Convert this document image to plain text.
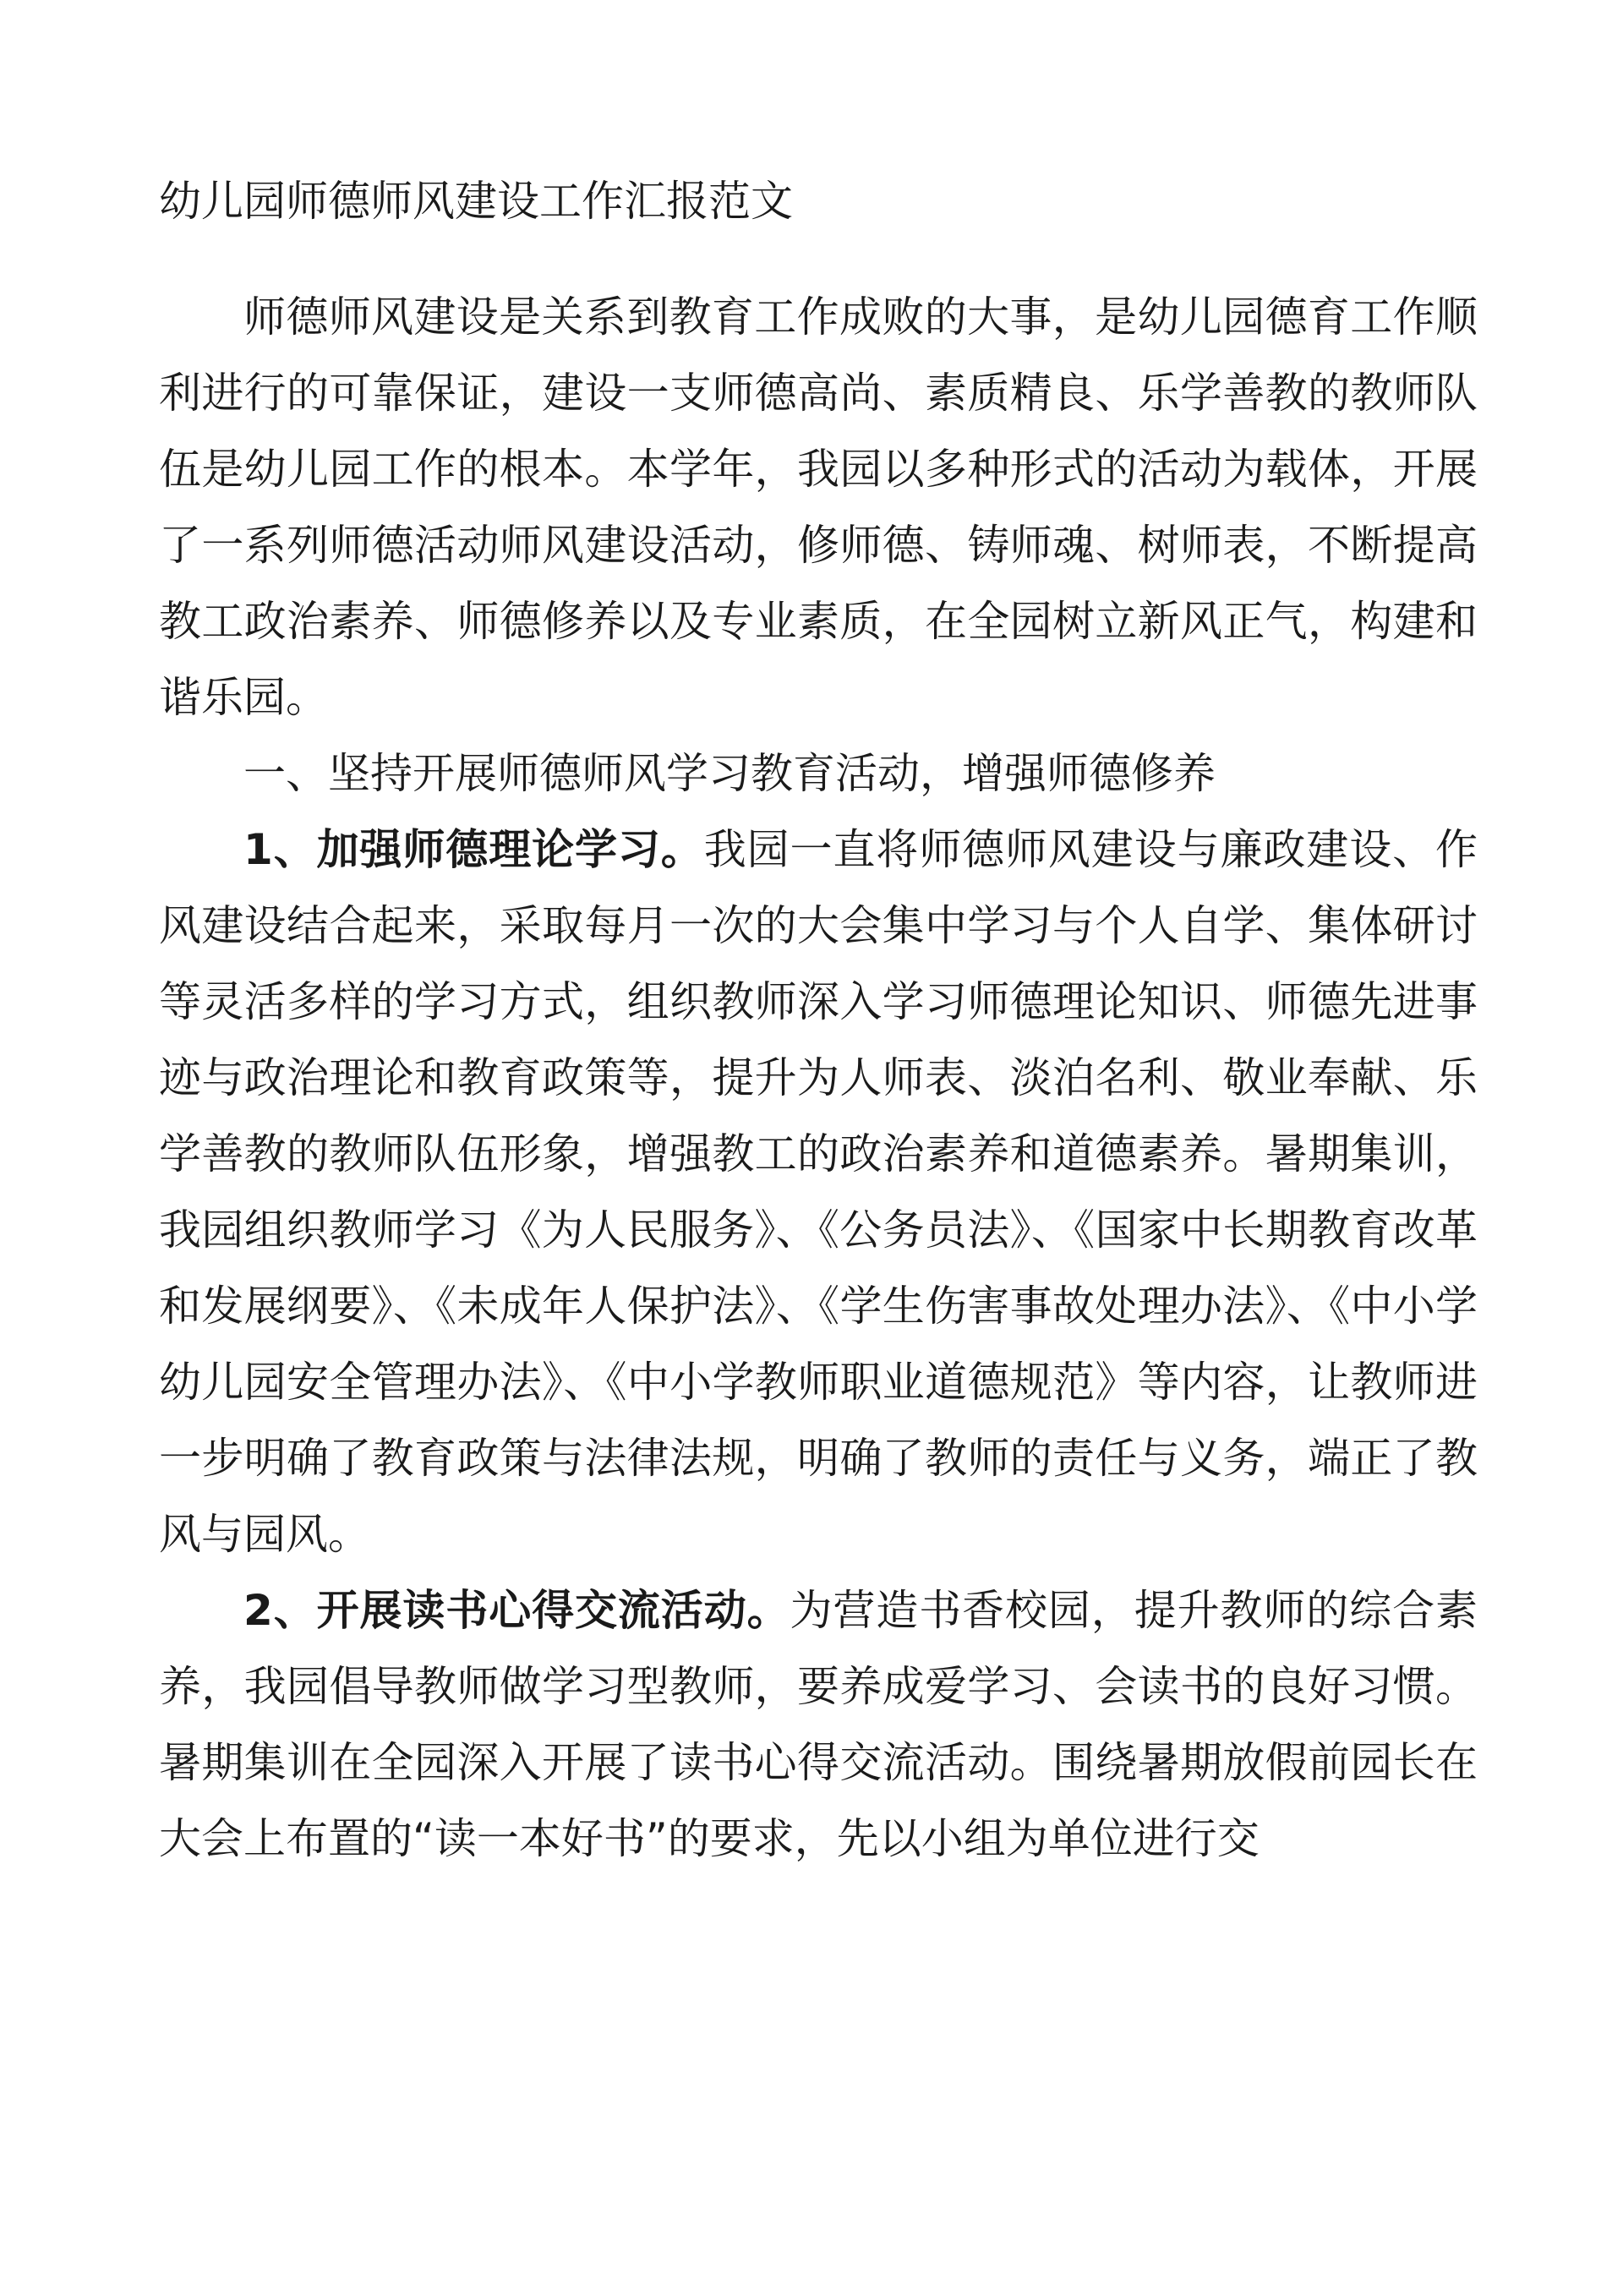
幼儿园师德师风建设工作汇报范文

师德师风建设是关系到教育工作成败的大事，是幼儿园德育工作顺利进行的可靠保证，建设一支师德高尚、素质精良、乐学善教的教师队伍是幼儿园工作的根本。本学年，我园以多种形式的活动为载体，开展了一系列师德活动师风建设活动，修师德、铸师魂、树师表，不断提高教工政治素养、师德修养以及专业素质，在全园树立新风正气，构建和谐乐园。

一、坚持开展师德师风学习教育活动，增强师德修养

1、加强师德理论学习。我园一直将师德师风建设与廉政建设、作风建设结合起来，采取每月一次的大会集中学习与个人自学、集体研讨等灵活多样的学习方式，组织教师深入学习师德理论知识、师德先进事迹与政治理论和教育政策等，提升为人师表、淡泊名利、敬业奉献、乐学善教的教师队伍形象，增强教工的政治素养和道德素养。暑期集训，我园组织教师学习《为人民服务》、《公务员法》、《国家中长期教育改革和发展纲要》、《未成年人保护法》、《学生伤害事故处理办法》、《中小学幼儿园安全管理办法》、《中小学教师职业道德规范》等内容，让教师进一步明确了教育政策与法律法规，明确了教师的责任与义务，端正了教风与园风。

2、开展读书心得交流活动。为营造书香校园，提升教师的综合素养，我园倡导教师做学习型教师，要养成爱学习、会读书的良好习惯。暑期集训在全园深入开展了读书心得交流活动。围绕暑期放假前园长在大会上布置的“读一本好书”的要求，先以小组为单位进行交
